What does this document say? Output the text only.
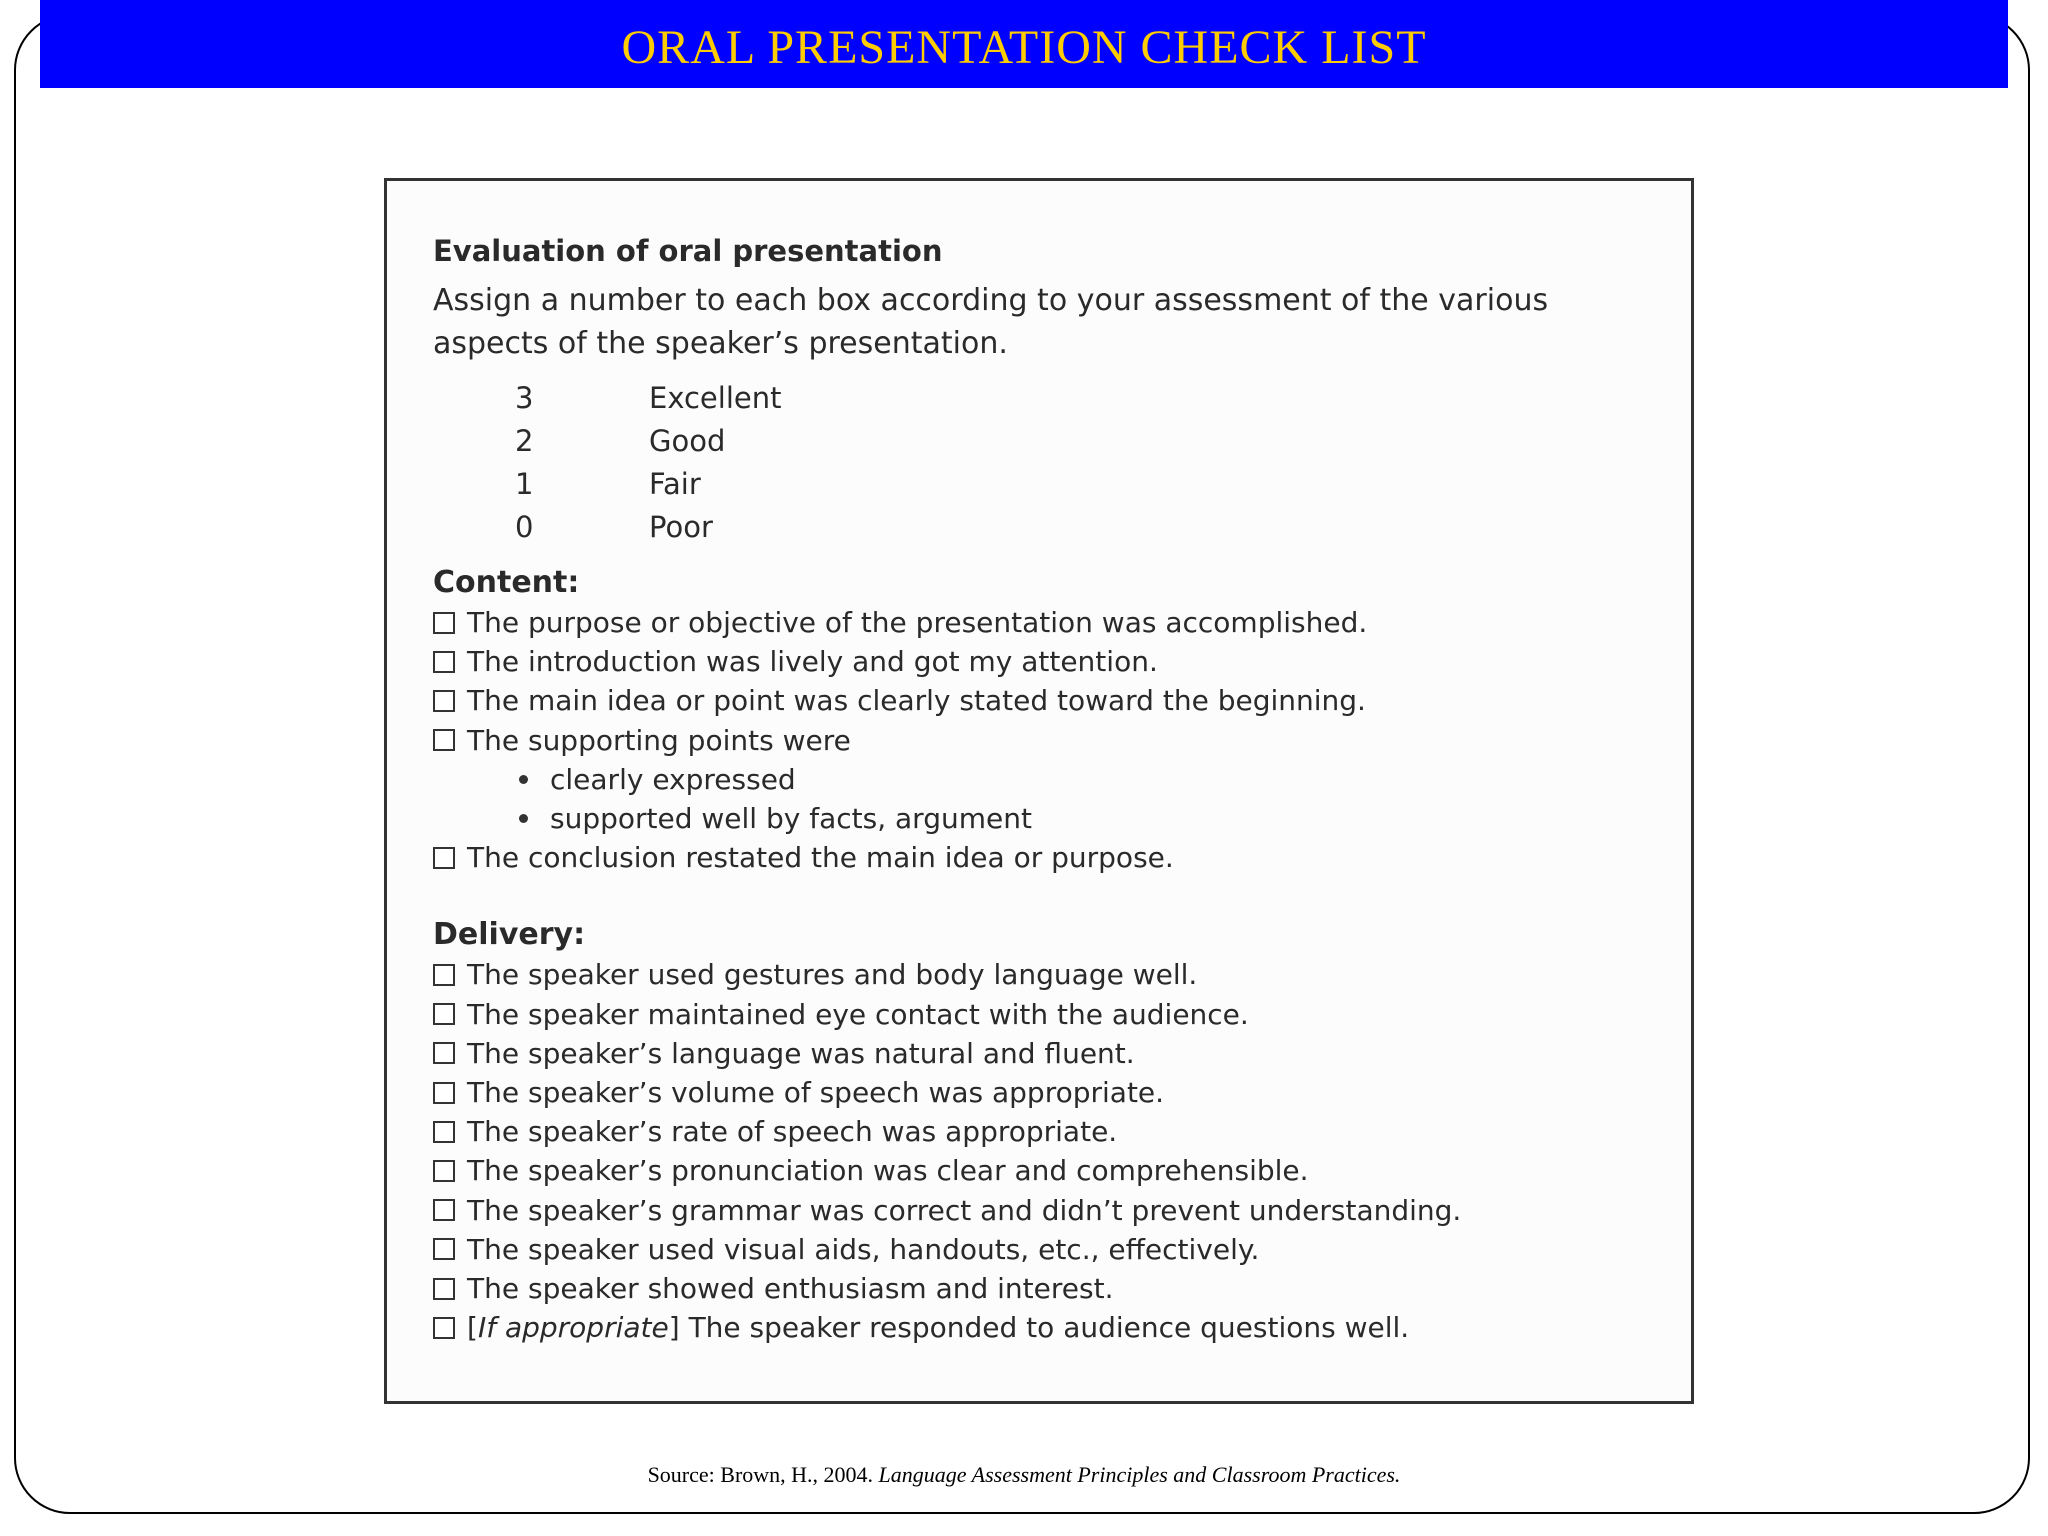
ORAL PRESENTATION CHECK LIST

Evaluation of oral presentation

Assign a number to each box according to your assessment of the various aspects of the speaker’s presentation.

3	Excellent
2	Good
1	Fair
0	Poor

Content:

The purpose or objective of the presentation was accomplished.
The introduction was lively and got my attention.
The main idea or point was clearly stated toward the beginning.
The supporting points were
clearly expressed
supported well by facts, argument
The conclusion restated the main idea or purpose.

Delivery:

The speaker used gestures and body language well.
The speaker maintained eye contact with the audience.
The speaker’s language was natural and fluent.
The speaker’s volume of speech was appropriate.
The speaker’s rate of speech was appropriate.
The speaker’s pronunciation was clear and comprehensible.
The speaker’s grammar was correct and didn’t prevent understanding.
The speaker used visual aids, handouts, etc., effectively.
The speaker showed enthusiasm and interest.
[ If appropriate ] The speaker responded to audience questions well.
Source: Brown, H., 2004. Language Assessment Principles and Classroom Practices.
